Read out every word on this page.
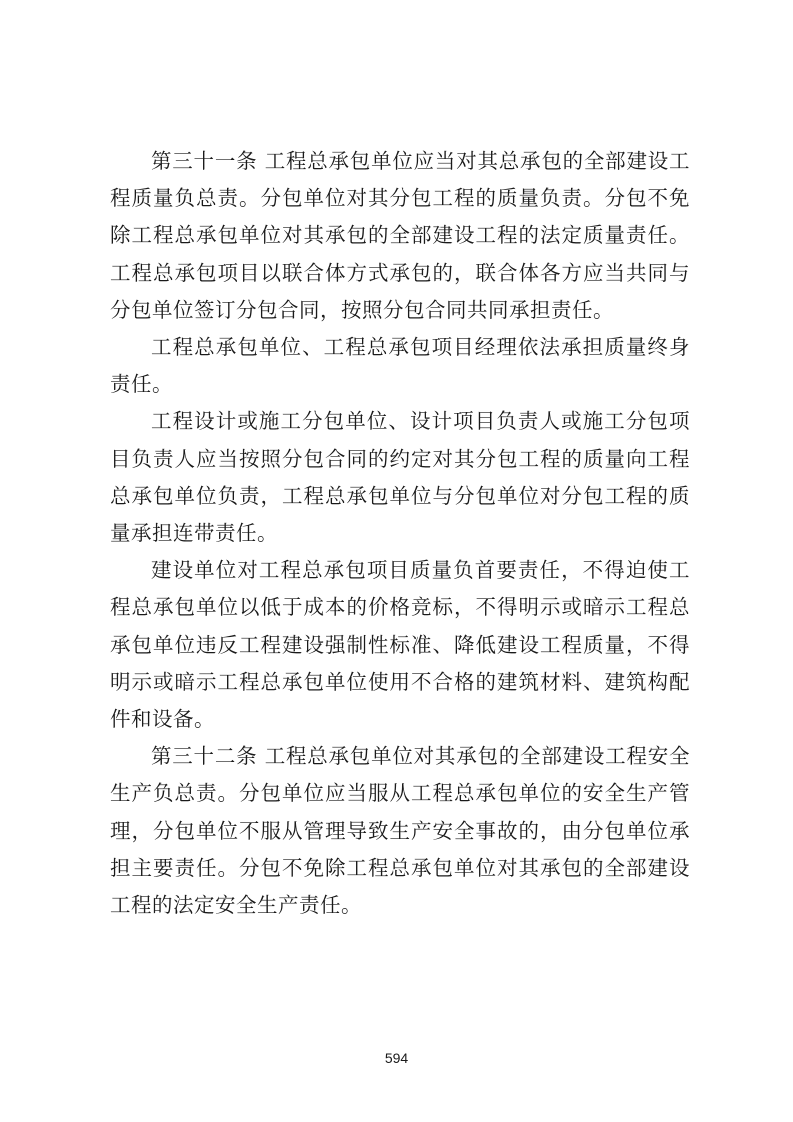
第三十一条 工程总承包单位应当对其总承包的全部建设工程质量负总责。分包单位对其分包工程的质量负责。分包不免除工程总承包单位对其承包的全部建设工程的法定质量责任。工程总承包项目以联合体方式承包的，联合体各方应当共同与分包单位签订分包合同，按照分包合同共同承担责任。

工程总承包单位、工程总承包项目经理依法承担质量终身责任。

工程设计或施工分包单位、设计项目负责人或施工分包项目负责人应当按照分包合同的约定对其分包工程的质量向工程总承包单位负责，工程总承包单位与分包单位对分包工程的质量承担连带责任。

建设单位对工程总承包项目质量负首要责任，不得迫使工程总承包单位以低于成本的价格竞标，不得明示或暗示工程总承包单位违反工程建设强制性标准、降低建设工程质量，不得明示或暗示工程总承包单位使用不合格的建筑材料、建筑构配件和设备。

第三十二条 工程总承包单位对其承包的全部建设工程安全生产负总责。分包单位应当服从工程总承包单位的安全生产管理，分包单位不服从管理导致生产安全事故的，由分包单位承担主要责任。分包不免除工程总承包单位对其承包的全部建设工程的法定安全生产责任。

594
